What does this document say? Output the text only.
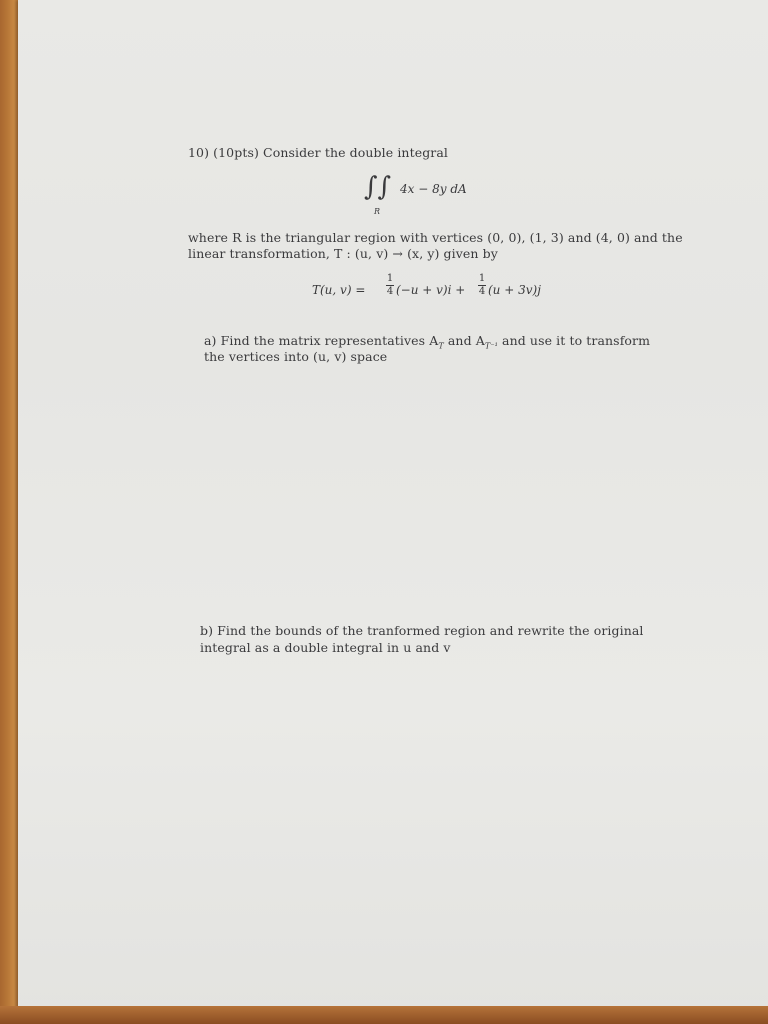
10) (10pts) Consider the double integral
∫∫ 4x − 8y dA
R
where R is the triangular region with vertices (0, 0), (1, 3) and (4, 0) and the
linear transformation, T : (u, v) → (x, y) given by
T(u, v) =
1
4 (−u + v)i +
1
4 (u + 3v)j
a) Find the matrix representatives $A_T$ and $A_{T^{-1}}$ and use it to transform
the vertices into (u, v) space
b) Find the bounds of the tranformed region and rewrite the original
integral as a double integral in u and v
